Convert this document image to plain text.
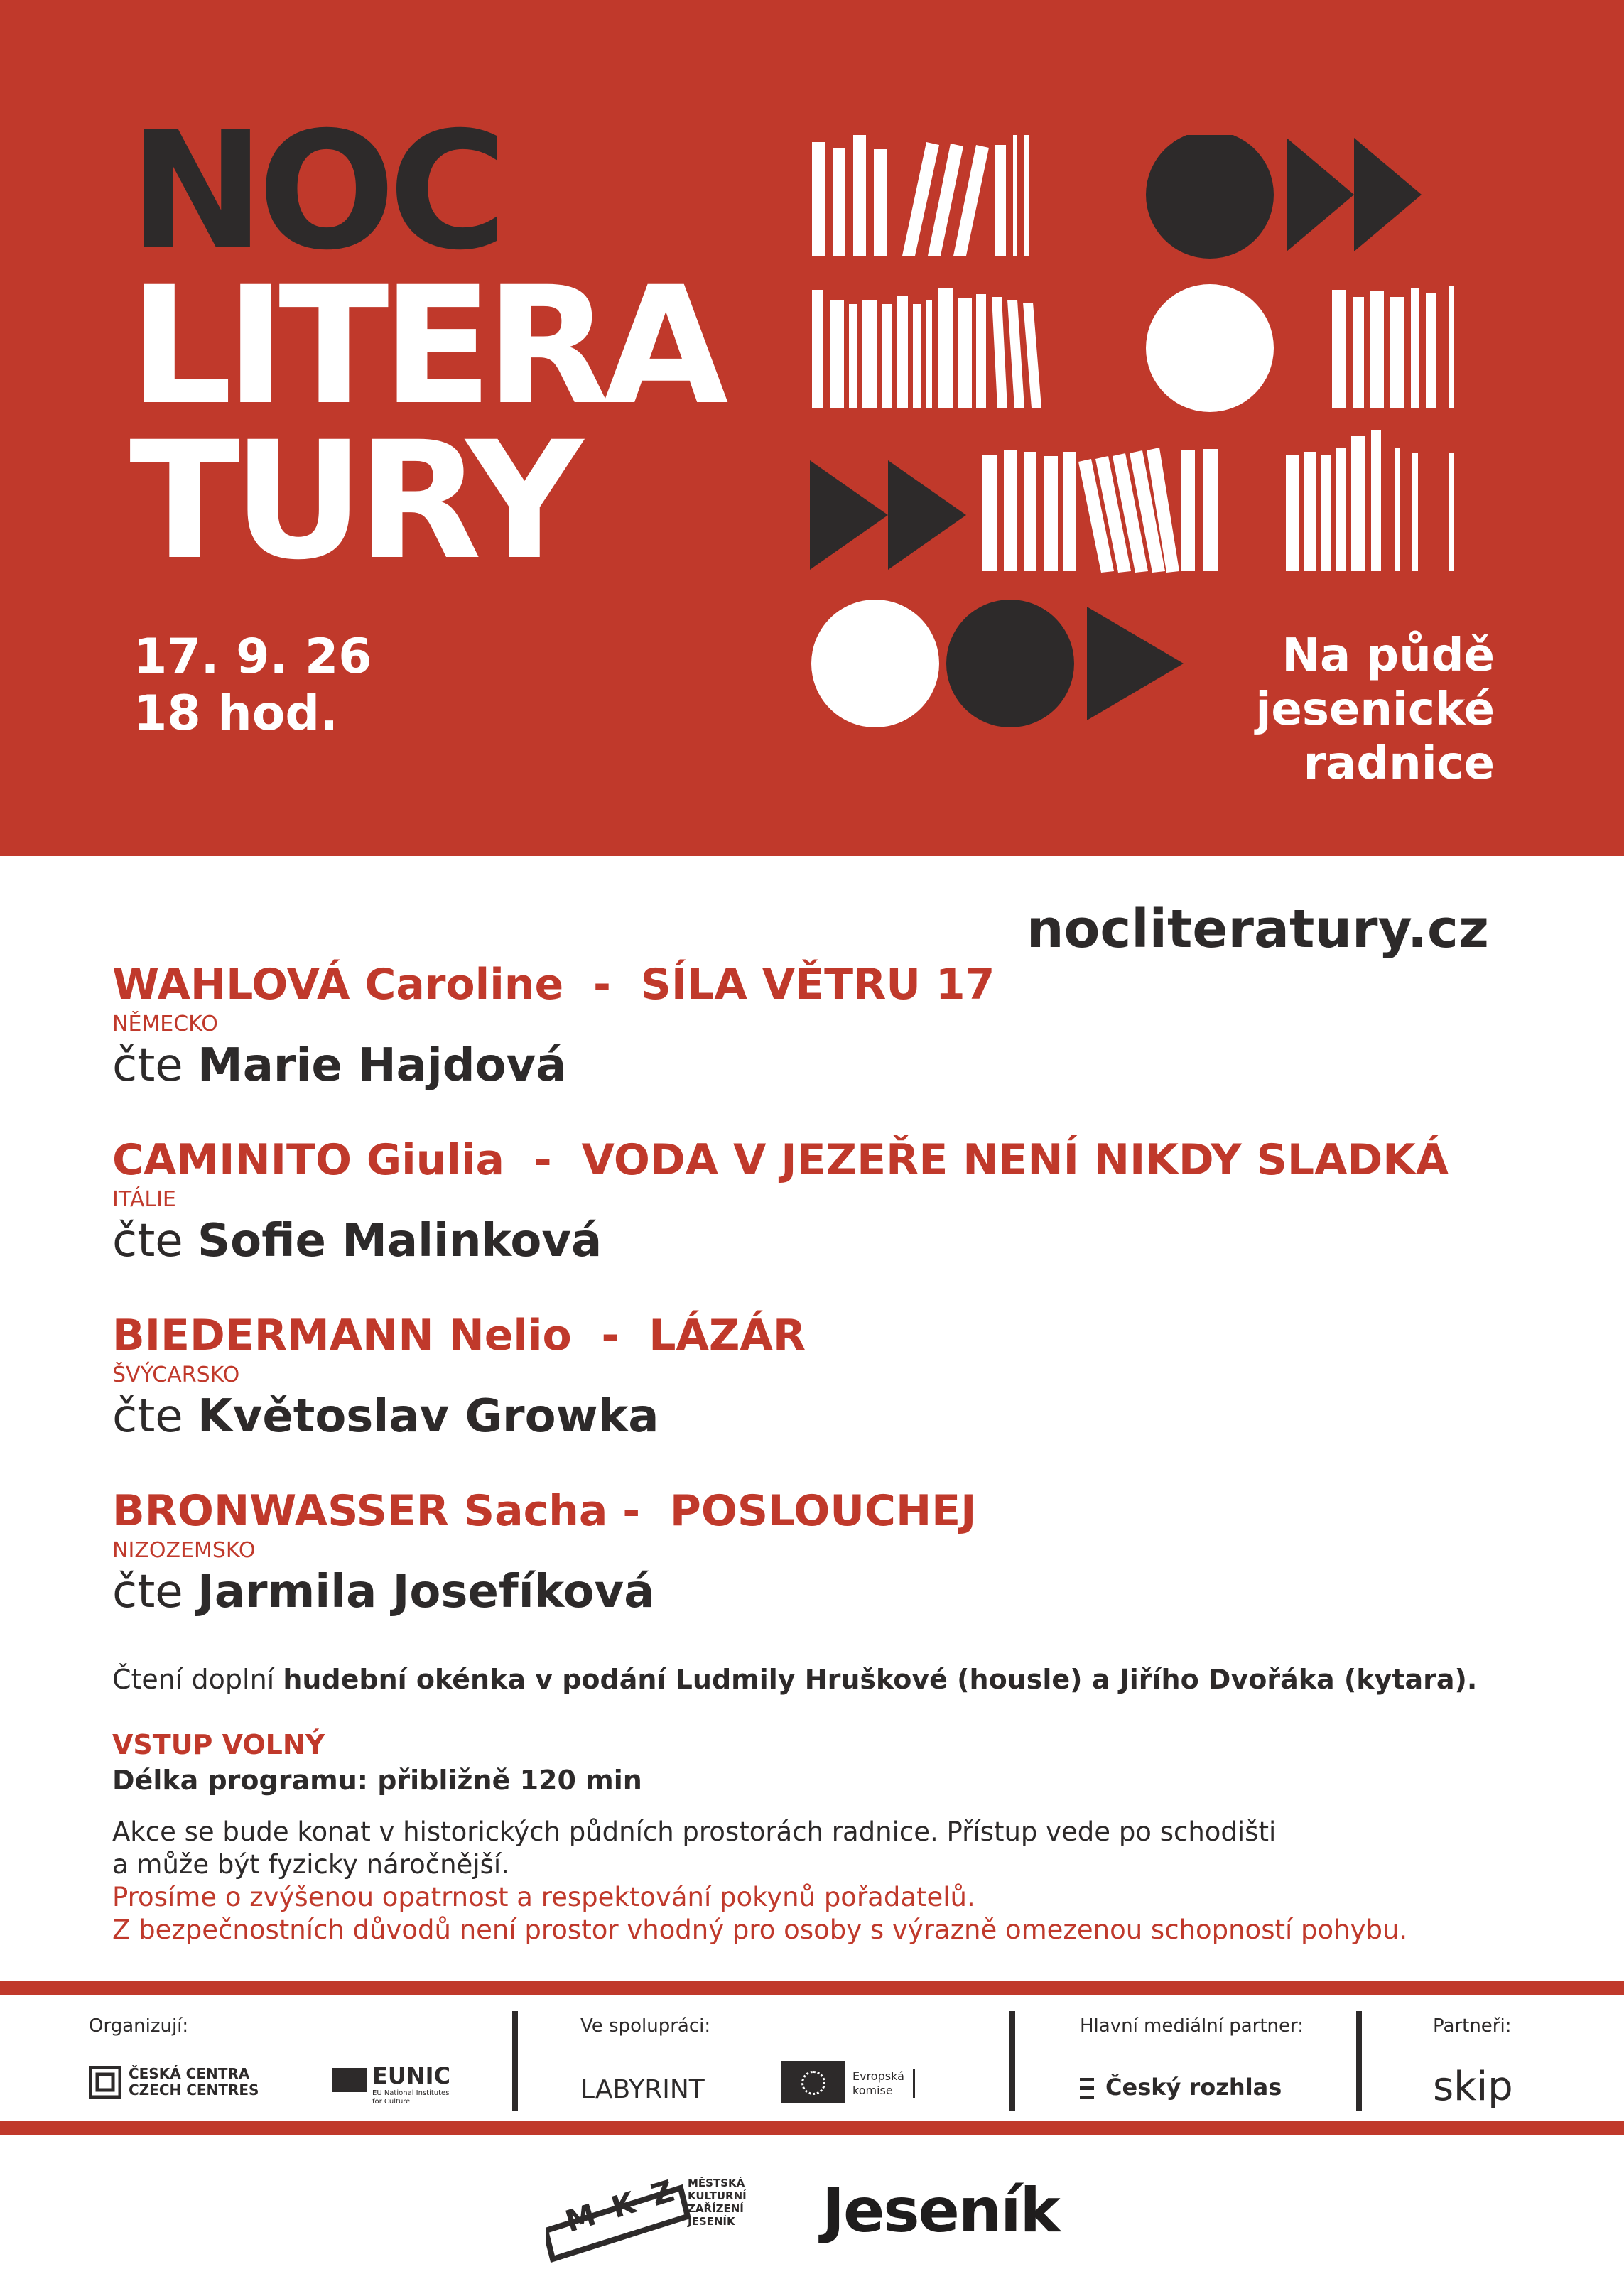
NOC
LITERA
TURY
17. 9. 26
18 hod.
Na půdě
jesenické
radnice
nocliteratury.cz
WAHLOVÁ Caroline  -  SÍLA VĚTRU 17
NĚMECKO
čte Marie Hajdová
CAMINITO Giulia  -  VODA V JEZEŘE NENÍ NIKDY SLADKÁ
ITÁLIE
čte Sofie Malinková
BIEDERMANN Nelio  -  LÁZÁR
ŠVÝCARSKO
čte Květoslav Growka
BRONWASSER Sacha -  POSLOUCHEJ
NIZOZEMSKO
čte Jarmila Josefíková
Čtení doplní hudební okénka v podání Ludmily Hruškové (housle) a Jiřího Dvořáka (kytara).
VSTUP VOLNÝ
Délka programu: přibližně 120 min
Akce se bude konat v historických půdních prostorách radnice. Přístup vede po schodišti
a může být fyzicky náročnější.
Prosíme o zvýšenou opatrnost a respektování pokynů pořadatelů.
Z bezpečnostních důvodů není prostor vhodný pro osoby s výrazně omezenou schopností pohybu.
Organizují:
ČESKÁ CENTRA
CZECH CENTRES
EUNIC
EU National Institutes
for Culture
Ve spolupráci:
LABYRINT	Evropská
komise
Hlavní mediální partner:
Český rozhlas
Partneři:
skip
MKZ
MĚSTSKÁ
KULTURNÍ
ZAŘÍZENÍ
JESENÍK Jeseník
